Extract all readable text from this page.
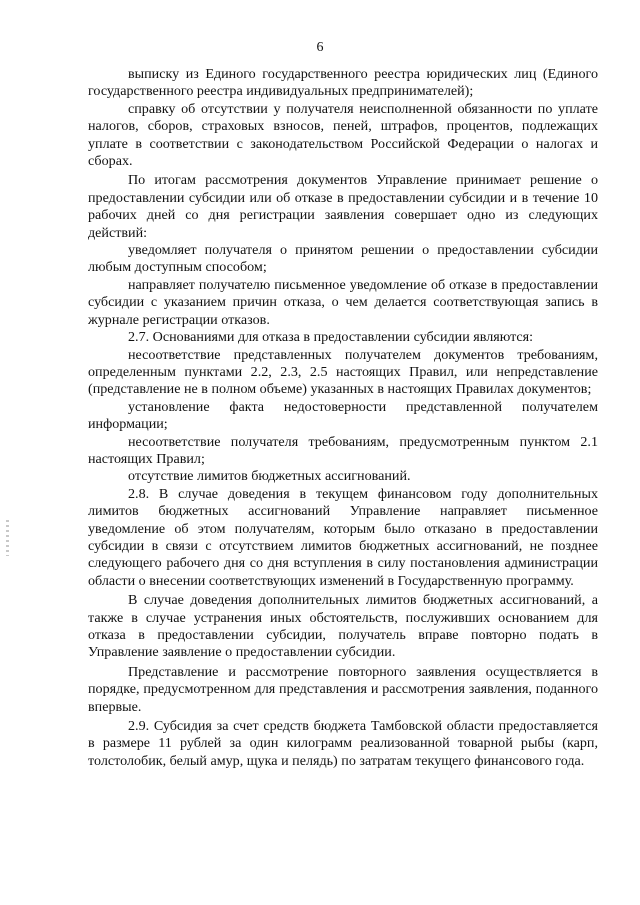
6

выписку из Единого государственного реестра юридических лиц (Единого государственного реестра индивидуальных предпринимателей);

справку об отсутствии у получателя неисполненной обязанности по уплате налогов, сборов, страховых взносов, пеней, штрафов, процентов, подлежащих уплате в соответствии с законодательством Российской Федерации о налогах и сборах.

По итогам рассмотрения документов Управление принимает решение о предоставлении субсидии или об отказе в предоставлении субсидии и в течение 10 рабочих дней со дня регистрации заявления совершает одно из следующих действий:

уведомляет получателя о принятом решении о предоставлении субсидии любым доступным способом;

направляет получателю письменное уведомление об отказе в предоставлении субсидии с указанием причин отказа, о чем делается соответствующая запись в журнале регистрации отказов.

2.7. Основаниями для отказа в предоставлении субсидии являются:

несоответствие представленных получателем документов требованиям, определенным пунктами 2.2, 2.3, 2.5 настоящих Правил, или непредставление (представление не в полном объеме) указанных в настоящих Правилах документов;

установление факта недостоверности представленной получателем информации;

несоответствие получателя требованиям, предусмотренным пунктом 2.1 настоящих Правил;

отсутствие лимитов бюджетных ассигнований.

2.8. В случае доведения в текущем финансовом году дополнительных лимитов бюджетных ассигнований Управление направляет письменное уведомление об этом получателям, которым было отказано в предоставлении субсидии в связи с отсутствием лимитов бюджетных ассигнований, не позднее следующего рабочего дня со дня вступления в силу постановления администрации области о внесении соответствующих изменений в Государственную программу.

В случае доведения дополнительных лимитов бюджетных ассигнований, а также в случае устранения иных обстоятельств, послуживших основанием для отказа в предоставлении субсидии, получатель вправе повторно подать в Управление заявление о предоставлении субсидии.

Представление и рассмотрение повторного заявления осуществляется в порядке, предусмотренном для представления и рассмотрения заявления, поданного впервые.

2.9. Субсидия за счет средств бюджета Тамбовской области предоставляется в размере 11 рублей за один килограмм реализованной товарной рыбы (карп, толстолобик, белый амур, щука и пелядь) по затратам текущего финансового года.
